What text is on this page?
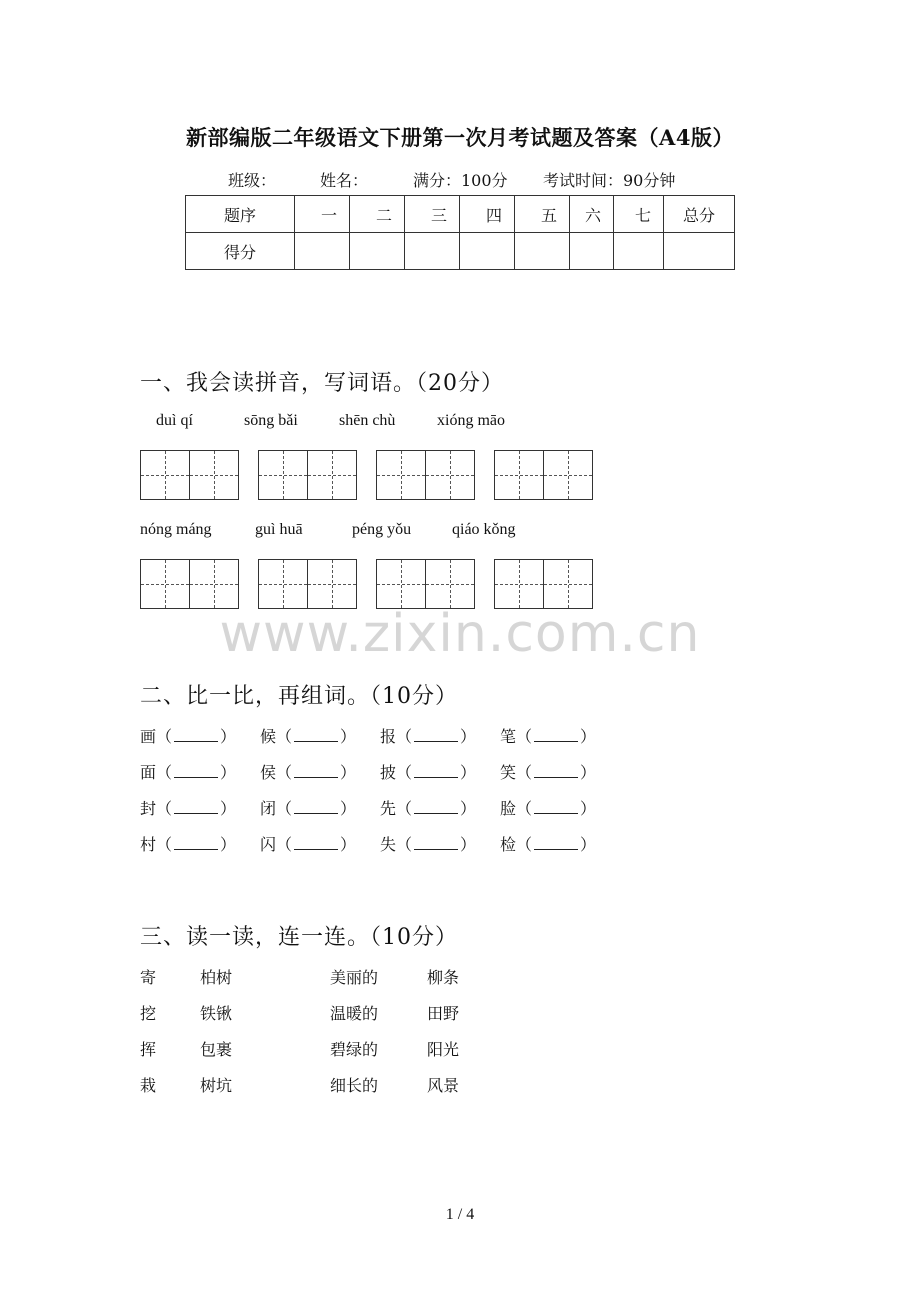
新部编版二年级语文下册第一次月考试题及答案（A4版）
班级：	姓名：	满分：100分	考试时间：90分钟
题序	一	二	三	四	五	六	七	总分
得分								
一、我会读拼音，写词语。（20分）
duì qí	sōng bǎi	shēn chù	xióng māo
nóng máng	guì huā	péng yǒu	qiáo kǒng
www.zixin.com.cn
二、比一比，再组词。（10分）
画（	） 候（	） 报（	） 笔（	）
面（	） 侯（	） 披（	） 笑（	）
封（	） 闭（	） 先（	） 脸（	）
村（	） 闪（	） 失（	） 检（	）
三、读一读，连一连。（10分）
寄	柏树	美丽的	柳条
挖	铁锹	温暖的	田野
挥	包裹	碧绿的	阳光
栽	树坑	细长的	风景
1 / 4
